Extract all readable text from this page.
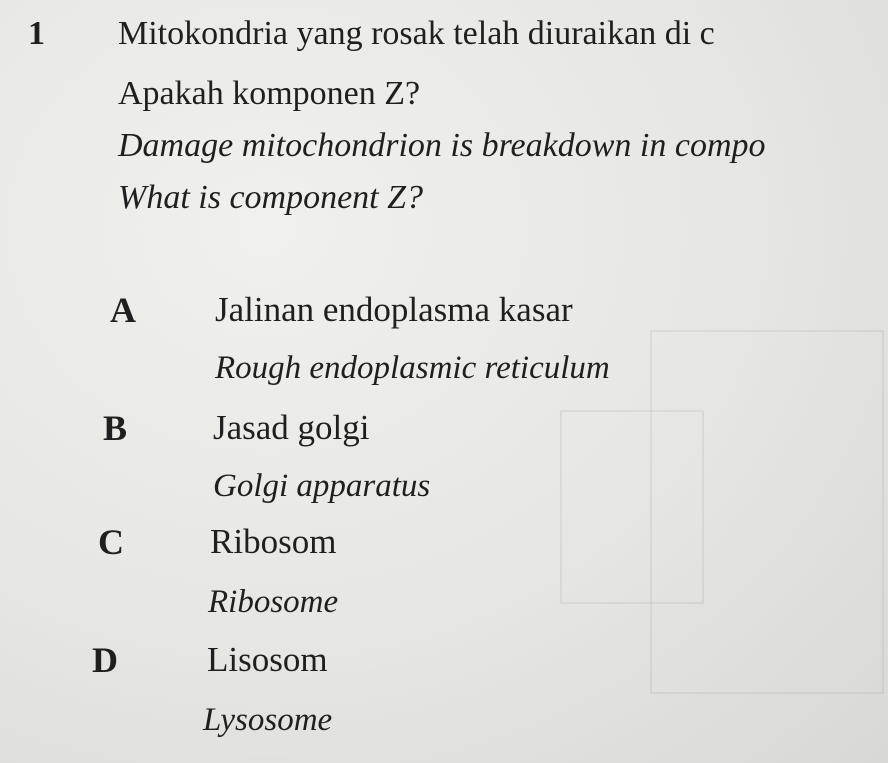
1 Mitokondria yang rosak telah diuraikan di c
Apakah komponen Z?
Damage mitochondrion is breakdown in compo
What is component Z?
A Jalinan endoplasma kasar
Rough endoplasmic reticulum
B Jasad golgi
Golgi apparatus
C Ribosom
Ribosome
D	Lisosom
Lysosome
